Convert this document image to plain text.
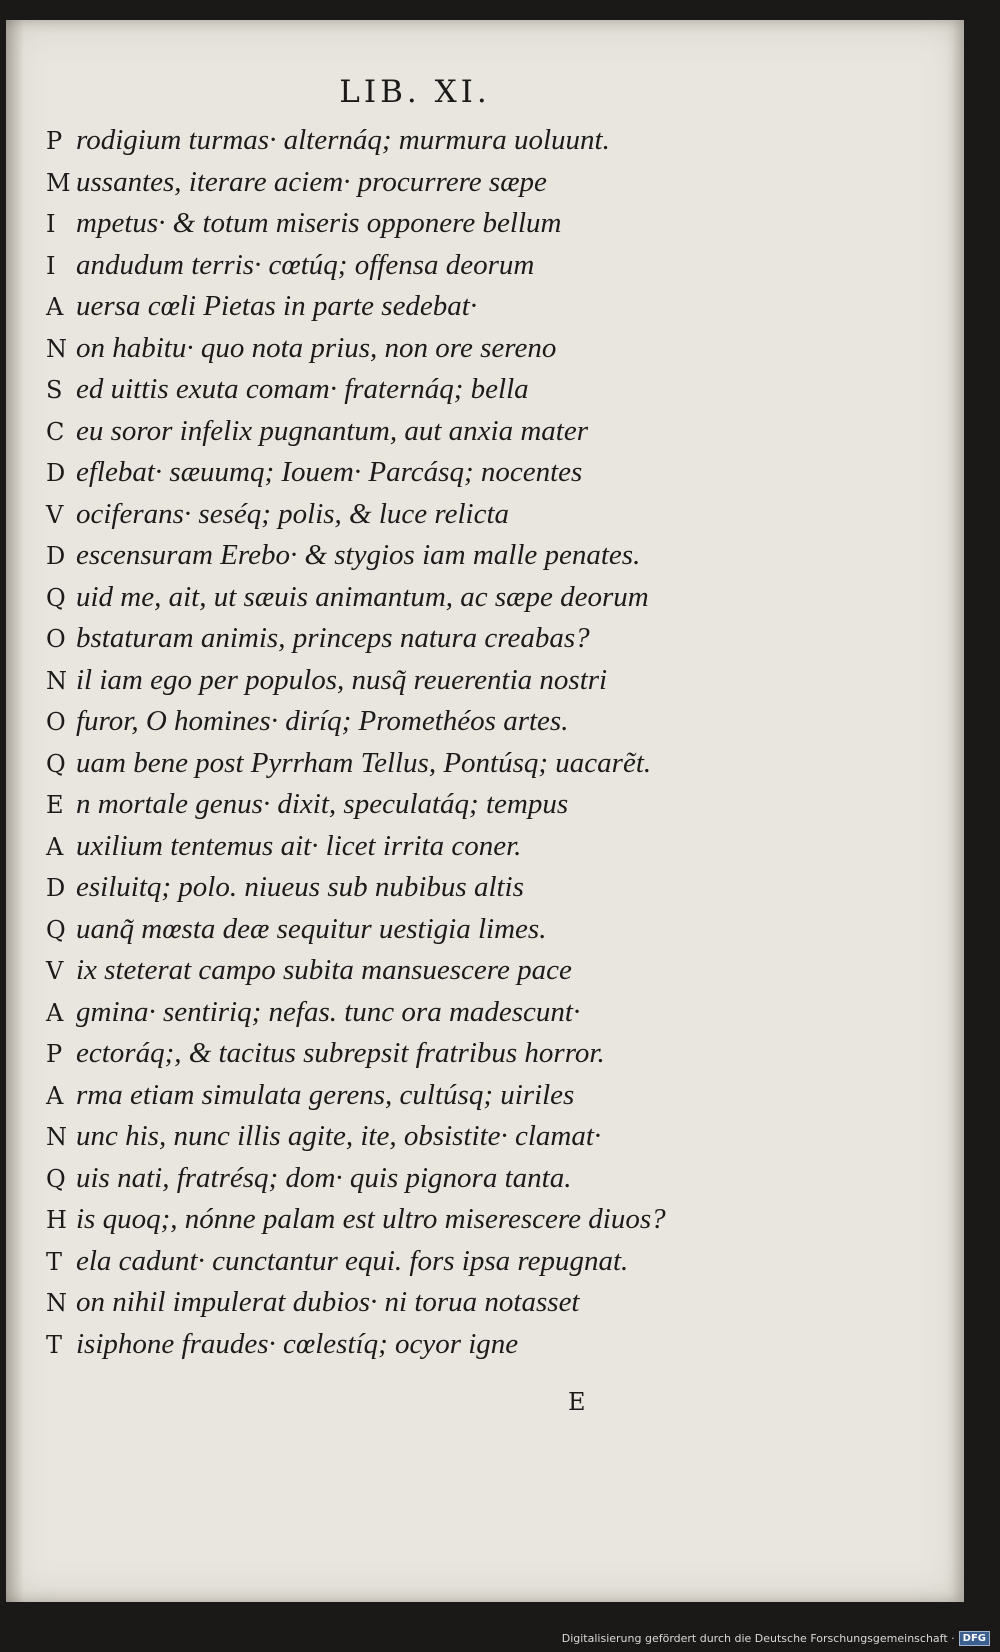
LIB. XI.
P rodigium turmas· alternáq; murmura uoluunt.
M ussantes, iterare aciem· procurrere sæpe
I mpetus· & totum miseris opponere bellum
I andudum terris· cœtúq; offensa deorum
A uersa cœli Pietas in parte sedebat·
N on habitu· quo nota prius, non ore sereno
S ed uittis exuta comam· fraternáq; bella
C eu soror infelix pugnantum, aut anxia mater
D eflebat· sæuumq; Iouem· Parcásq; nocentes
V ociferans· seséq; polis, & luce relicta
D escensuram Erebo· & stygios iam malle penates.
Q uid me, ait, ut sæuis animantum, ac sæpe deorum
O bstaturam animis, princeps natura creabas?
N il iam ego per populos, nusq̃ reuerentia nostri
O furor, O homines· diríq; Promethéos artes.
Q uam bene post Pyrrham Tellus, Pontúsq; uacarẽt.
E n mortale genus· dixit, speculatáq; tempus
A uxilium tentemus ait· licet irrita coner.
D esiluitq; polo. niueus sub nubibus altis
Q uanq̃ mœsta deæ sequitur uestigia limes.
V ix steterat campo subita mansuescere pace
A gmina· sentiriq; nefas. tunc ora madescunt·
P ectoráq;, & tacitus subrepsit fratribus horror.
A rma etiam simulata gerens, cultúsq; uiriles
N unc his, nunc illis agite, ite, obsistite· clamat·
Q uis nati, fratrésq; dom· quis pignora tanta.
H is quoq;, nónne palam est ultro miserescere diuos?
T ela cadunt· cunctantur equi. fors ipsa repugnat.
N on nihil impulerat dubios· ni torua notasset
T isiphone fraudes· cœlestíq; ocyor igne
E
Digitalisierung gefördert durch die Deutsche Forschungsgemeinschaft · DFG
